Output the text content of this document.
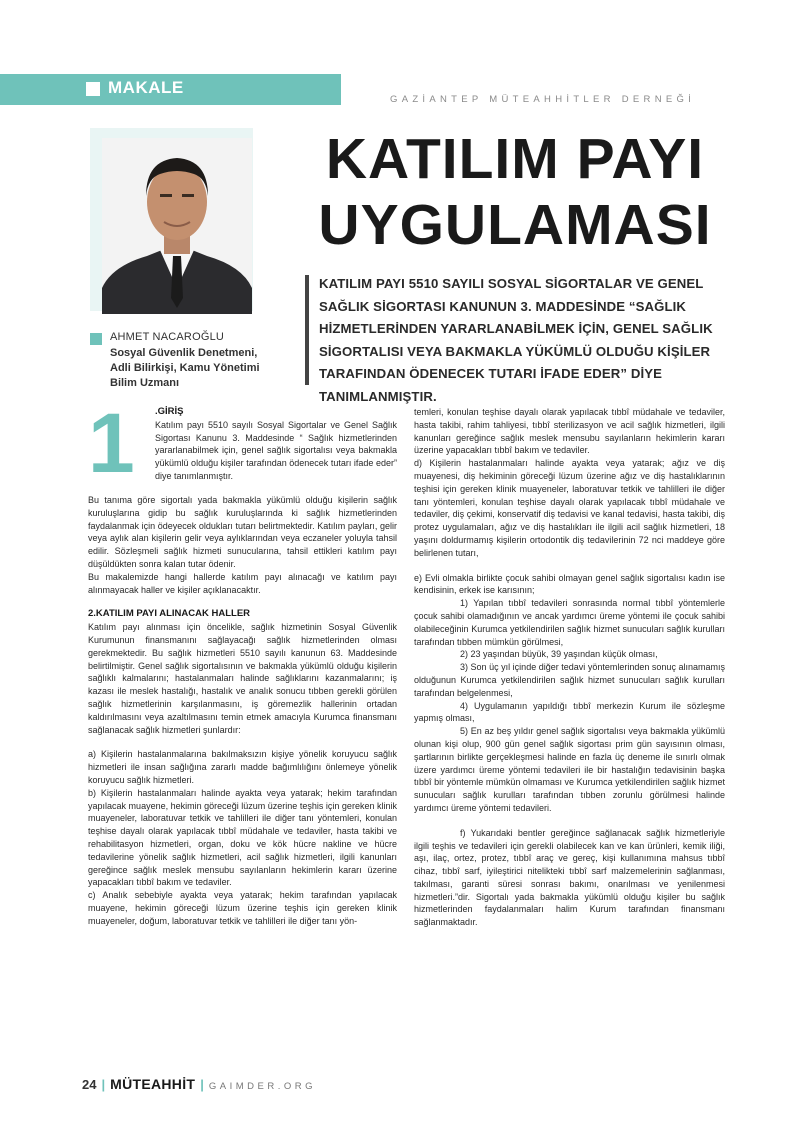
MAKALE
GAZİANTEP MÜTEAHHİTLER DERNEĞİ
KATILIM PAYI
UYGULAMASI

KATILIM PAYI 5510 SAYILI SOSYAL SİGORTALAR VE GENEL SAĞLIK SİGORTASI KANUNUN 3. MADDESİNDE “SAĞLIK HİZMETLERİNDEN YARARLANABİLMEK İÇİN, GENEL SAĞLIK SİGORTALISI VEYA BAKMAKLA YÜKÜMLÜ OLDUĞU KİŞİLER TARAFINDAN ÖDENECEK TUTARI İFADE EDER” DİYE TANIMLANMIŞTIR.

AHMET NACAROĞLU

Sosyal Güvenlik Denetmeni,
Adli Bilirkişi, Kamu Yönetimi
Bilim Uzmanı

1 .GİRİŞ

Katılım payı 5510 sayılı Sosyal Sigortalar ve Genel Sağlık Sigortası Kanunu 3. Maddesinde “ Sağlık hizmetlerinden yararlanabilmek için, genel sağlık sigortalısı veya bakmakla yükümlü olduğu kişiler tarafından ödenecek tutarı ifade eder” diye tanımlanmıştır.

Bu tanıma göre sigortalı yada bakmakla yükümlü olduğu kişilerin sağlık kuruluşlarına gidip bu sağlık kuruluşlarında ki sağlık hizmetlerinden faydalanmak için ödeyecek oldukları tutarı belirtmektedir. Katılım payları, gelir veya aylık alan kişilerin gelir veya aylıklarından veya eczaneler yoluyla tahsil edilir. Sözleşmeli sağlık hizmeti sunucularına, tahsil ettikleri katılım payı düşüldükten sonra kalan tutar ödenir.

Bu makalemizde hangi hallerde katılım payı alınacağı ve katılım payı alınmayacak haller ve kişiler açıklanacaktır.

2.KATILIM PAYI ALINACAK HALLER

Katılım payı alınması için öncelikle, sağlık hizmetinin Sosyal Güvenlik Kurumunun finansmanını sağlayacağı sağlık hizmetlerinden olması gerekmektedir. Bu sağlık hizmetleri 5510 sayılı kanunun 63. Maddesinde belirtilmiştir. Genel sağlık sigortalısının ve bakmakla yükümlü olduğu kişilerin sağlıklı kalmalarını; hastalanmaları halinde sağlıklarını kazanmalarını; iş kazası ile meslek hastalığı, hastalık ve analık sonucu tıbben gerekli görülen sağlık hizmetlerinin karşılanmasını, iş göremezlik hallerinin ortadan kaldırılmasını veya azaltılmasını temin etmek amacıyla Kurumca finansmanı sağlanacak sağlık hizmetleri şunlardır:

a) Kişilerin hastalanmalarına bakılmaksızın kişiye yönelik koruyucu sağlık hizmetleri ile insan sağlığına zararlı madde bağımlılığını önlemeye yönelik koruyucu sağlık hizmetleri.

b) Kişilerin hastalanmaları halinde ayakta veya yatarak; hekim tarafından yapılacak muayene, hekimin göreceği lüzum üzerine teşhis için gereken klinik muayeneler, laboratuvar tetkik ve tahlilleri ile diğer tanı yöntemleri, konulan teşhise dayalı olarak yapılacak tıbbî müdahale ve tedaviler, hasta takibi ve rehabilitasyon hizmetleri, organ, doku ve kök hücre nakline ve hücre tedavilerine yönelik sağlık hizmetleri, acil sağlık hizmetleri, ilgili kanunları gereğince sağlık meslek mensubu sayılanların hekimlerin kararı üzerine yapacakları tıbbî bakım ve tedaviler.

c) Analık sebebiyle ayakta veya yatarak; hekim tarafından yapılacak muayene, hekimin göreceği lüzum üzerine teşhis için gereken klinik muayeneler, doğum, laboratuvar tetkik ve tahlilleri ile diğer tanı yön-

temleri, konulan teşhise dayalı olarak yapılacak tıbbî müdahale ve tedaviler, hasta takibi, rahim tahliyesi, tıbbî sterilizasyon ve acil sağlık hizmetleri, ilgili kanunları gereğince sağlık meslek mensubu sayılanların hekimlerin kararı üzerine yapacakları tıbbî bakım ve tedaviler.

d) Kişilerin hastalanmaları halinde ayakta veya yatarak; ağız ve diş muayenesi, diş hekiminin göreceği lüzum üzerine ağız ve diş hastalıklarının teşhisi için gereken klinik muayeneler, laboratuvar tetkik ve tahlilleri ile diğer tanı yöntemleri, konulan teşhise dayalı olarak yapılacak tıbbî müdahale ve tedaviler, diş çekimi, konservatif diş tedavisi ve kanal tedavisi, hasta takibi, diş protez uygulamaları, ağız ve diş hastalıkları ile ilgili acil sağlık hizmetleri, 18 yaşını doldurmamış kişilerin ortodontik diş tedavilerinin 72 nci maddeye göre belirlenen tutarı,

e) Evli olmakla birlikte çocuk sahibi olmayan genel sağlık sigortalısı kadın ise kendisinin, erkek ise karısının;

1) Yapılan tıbbî tedavileri sonrasında normal tıbbî yöntemlerle çocuk sahibi olamadığının ve ancak yardımcı üreme yöntemi ile çocuk sahibi olabileceğinin Kurumca yetkilendirilen sağlık hizmet sunucuları sağlık kurulları tarafından tıbben mümkün görülmesi,

2) 23 yaşından büyük, 39 yaşından küçük olması,

3) Son üç yıl içinde diğer tedavi yöntemlerinden sonuç alınamamış olduğunun Kurumca yetkilendirilen sağlık hizmet sunucuları sağlık kurulları tarafından belgelenmesi,

4) Uygulamanın yapıldığı tıbbî merkezin Kurum ile sözleşme yapmış olması,

5) En az beş yıldır genel sağlık sigortalısı veya bakmakla yükümlü olunan kişi olup, 900 gün genel sağlık sigortası prim gün sayısının olması, şartlarının birlikte gerçekleşmesi halinde en fazla üç deneme ile sınırlı olmak üzere yardımcı üreme yöntemi tedavileri ile bir hastalığın tedavisinin başka tıbbî bir yöntemle mümkün olmaması ve Kurumca yetkilendirilen sağlık hizmet sunucuları sağlık kurulları tarafından tıbben zorunlu görülmesi halinde yardımcı üreme yöntemi tedavileri.

f) Yukarıdaki bentler gereğince sağlanacak sağlık hizmetleriyle ilgili teşhis ve tedavileri için gerekli olabilecek kan ve kan ürünleri, kemik iliği, aşı, ilaç, ortez, protez, tıbbî araç ve gereç, kişi kullanımına mahsus tıbbî cihaz, tıbbî sarf, iyileştirici nitelikteki tıbbî sarf malzemelerinin sağlanması, takılması, garanti süresi sonrası bakımı, onarılması ve yenilenmesi hizmetleri.”dir. Sigortalı yada bakmakla yükümlü olduğu kişiler bu sağlık hizmetlerinden faydalanmaları halim Kurum tarafından finansmanı sağlanmaktadır.

24 | MÜTEAHHİT | GAIMDER.ORG
